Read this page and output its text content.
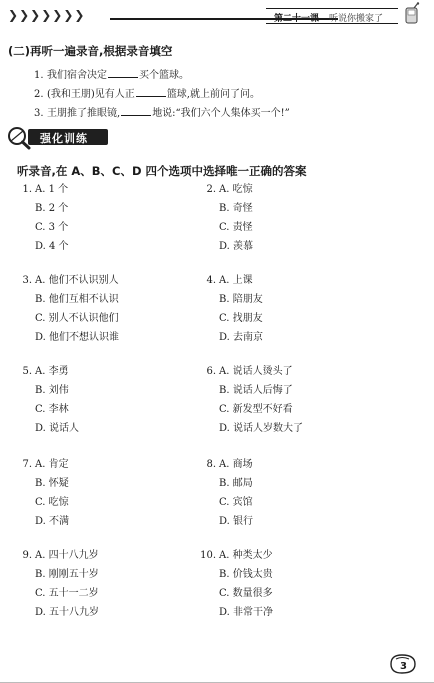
❯ ❯ ❯ ❯ ❯ ❯ ❯	第二十一课 听说你搬家了
(二)再听一遍录音,根据录音填空
1. 我们宿舍决定	买个篮球。
2. (我和王朋)见有人正	篮球,就上前问了问。
3. 王朋推了推眼镜,	地说:“我们六个人集体买一个!”
强化训练
听录音,在 A、B、C、D 四个选项中选择唯一正确的答案
1. A. 1 个
B. 2 个
C. 3 个
D. 4 个
2. A. 吃惊
B. 奇怪
C. 责怪
D. 羡慕
3. A. 他们不认识别人
B. 他们互相不认识
C. 别人不认识他们
D. 他们不想认识谁
4. A. 上课
B. 陪朋友
C. 找朋友
D. 去南京
5. A. 李勇
B. 刘伟
C. 李林
D. 说话人
6. A. 说话人烫头了
B. 说话人后悔了
C. 新发型不好看
D. 说话人岁数大了
7. A. 肯定
B. 怀疑
C. 吃惊
D. 不满
8. A. 商场
B. 邮局
C. 宾馆
D. 银行
9. A. 四十八九岁
B. 刚刚五十岁
C. 五十一二岁
D. 五十八九岁
10. A. 种类太少
B. 价钱太贵
C. 数量很多
D. 非常干净
3
